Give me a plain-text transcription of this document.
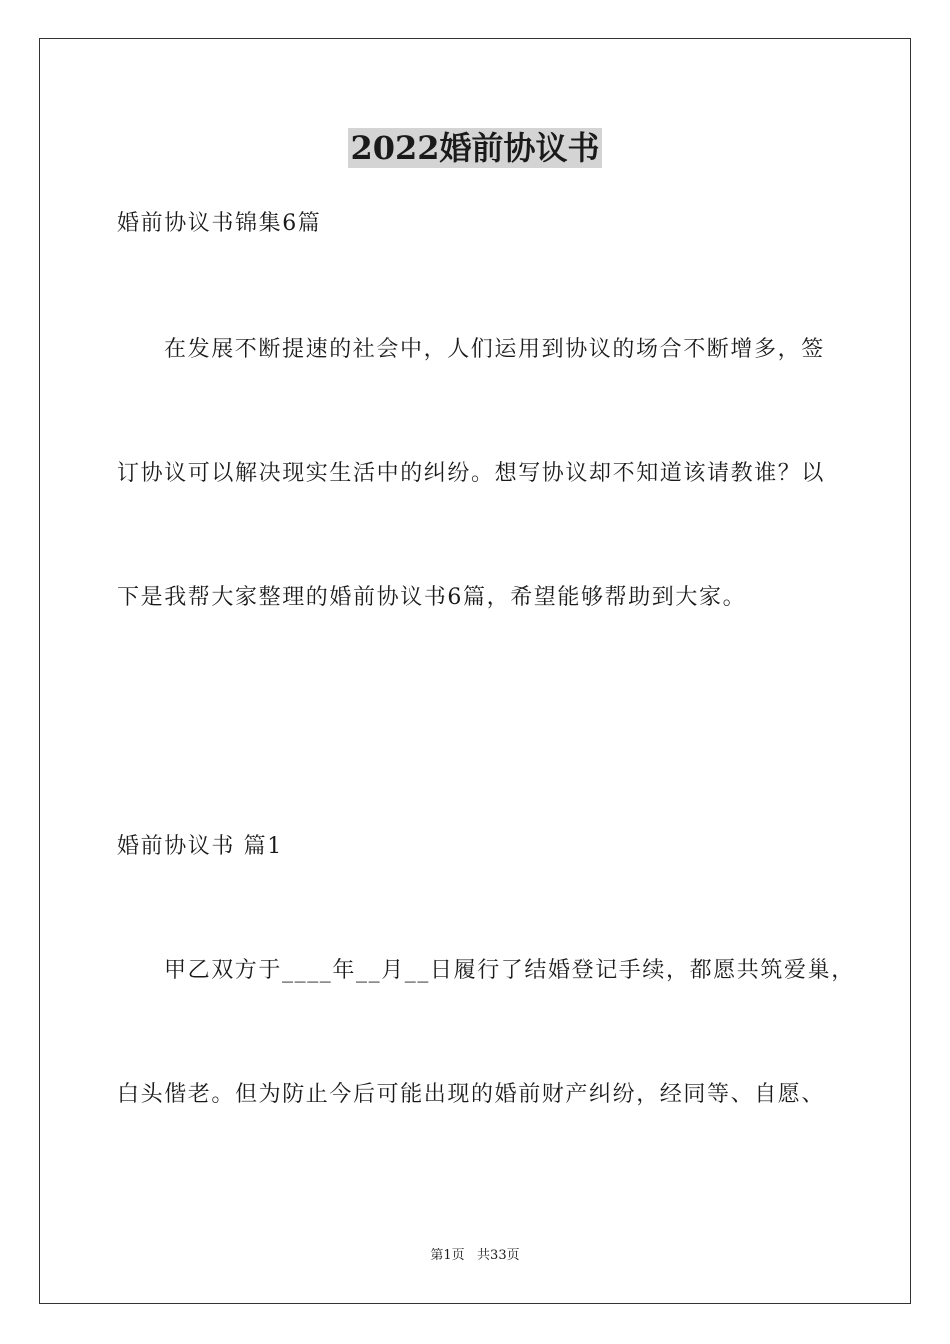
2022婚前协议书
婚前协议书锦集6篇
在发展不断提速的社会中，人们运用到协议的场合不断增多，签
订协议可以解决现实生活中的纠纷。想写协议却不知道该请教谁？以
下是我帮大家整理的婚前协议书6篇，希望能够帮助到大家。
婚前协议书 篇1
甲乙双方于____年__月__日履行了结婚登记手续，都愿共筑爱巢，
白头偕老。但为防止今后可能出现的婚前财产纠纷，经同等、自愿、
第1页   共33页
